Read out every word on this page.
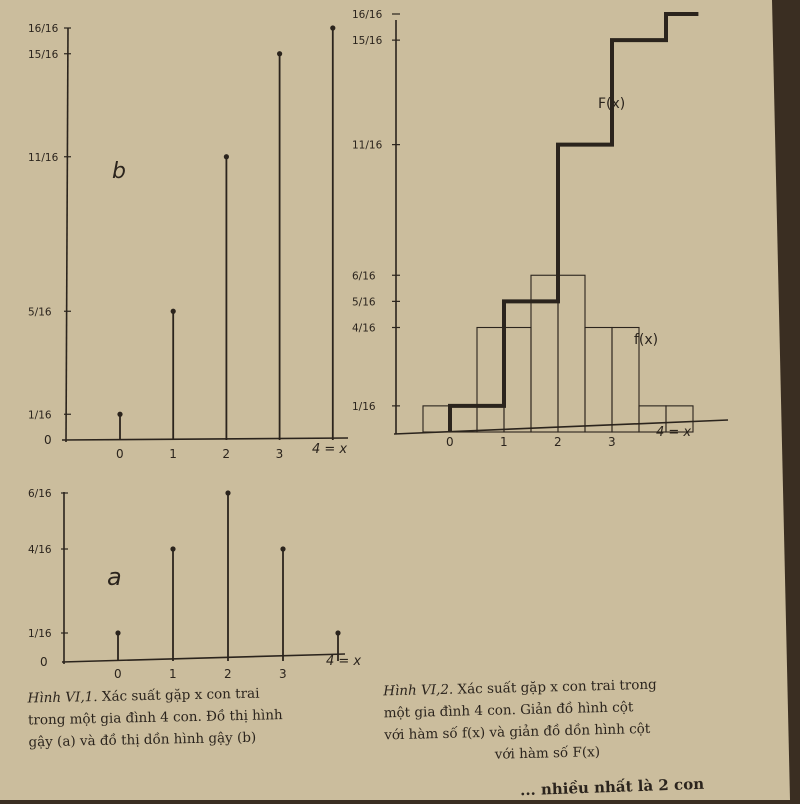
b
0
4 = x
1/16
5/16
11/16
15/16
16/16
0	1	2	3
a
0	4 = x
1/16
4/16
6/16
0	1	2	3
4 = x
F(x)
f(x)
1/16
4/16
5/16
6/16
11/16
15/16
16/16
0	1	2	3
Hình VI,1. Xác suất gặp x con trai
trong một gia đình 4 con. Đồ thị hình
gậy (a) và đồ thị dồn hình gậy (b)
Hình VI,2. Xác suất gặp x con trai trong
một gia đình 4 con. Giản đồ hình cột
với hàm số f(x) và giản đồ dồn hình cột
với hàm số F(x)
... nhiều nhất là 2 con
